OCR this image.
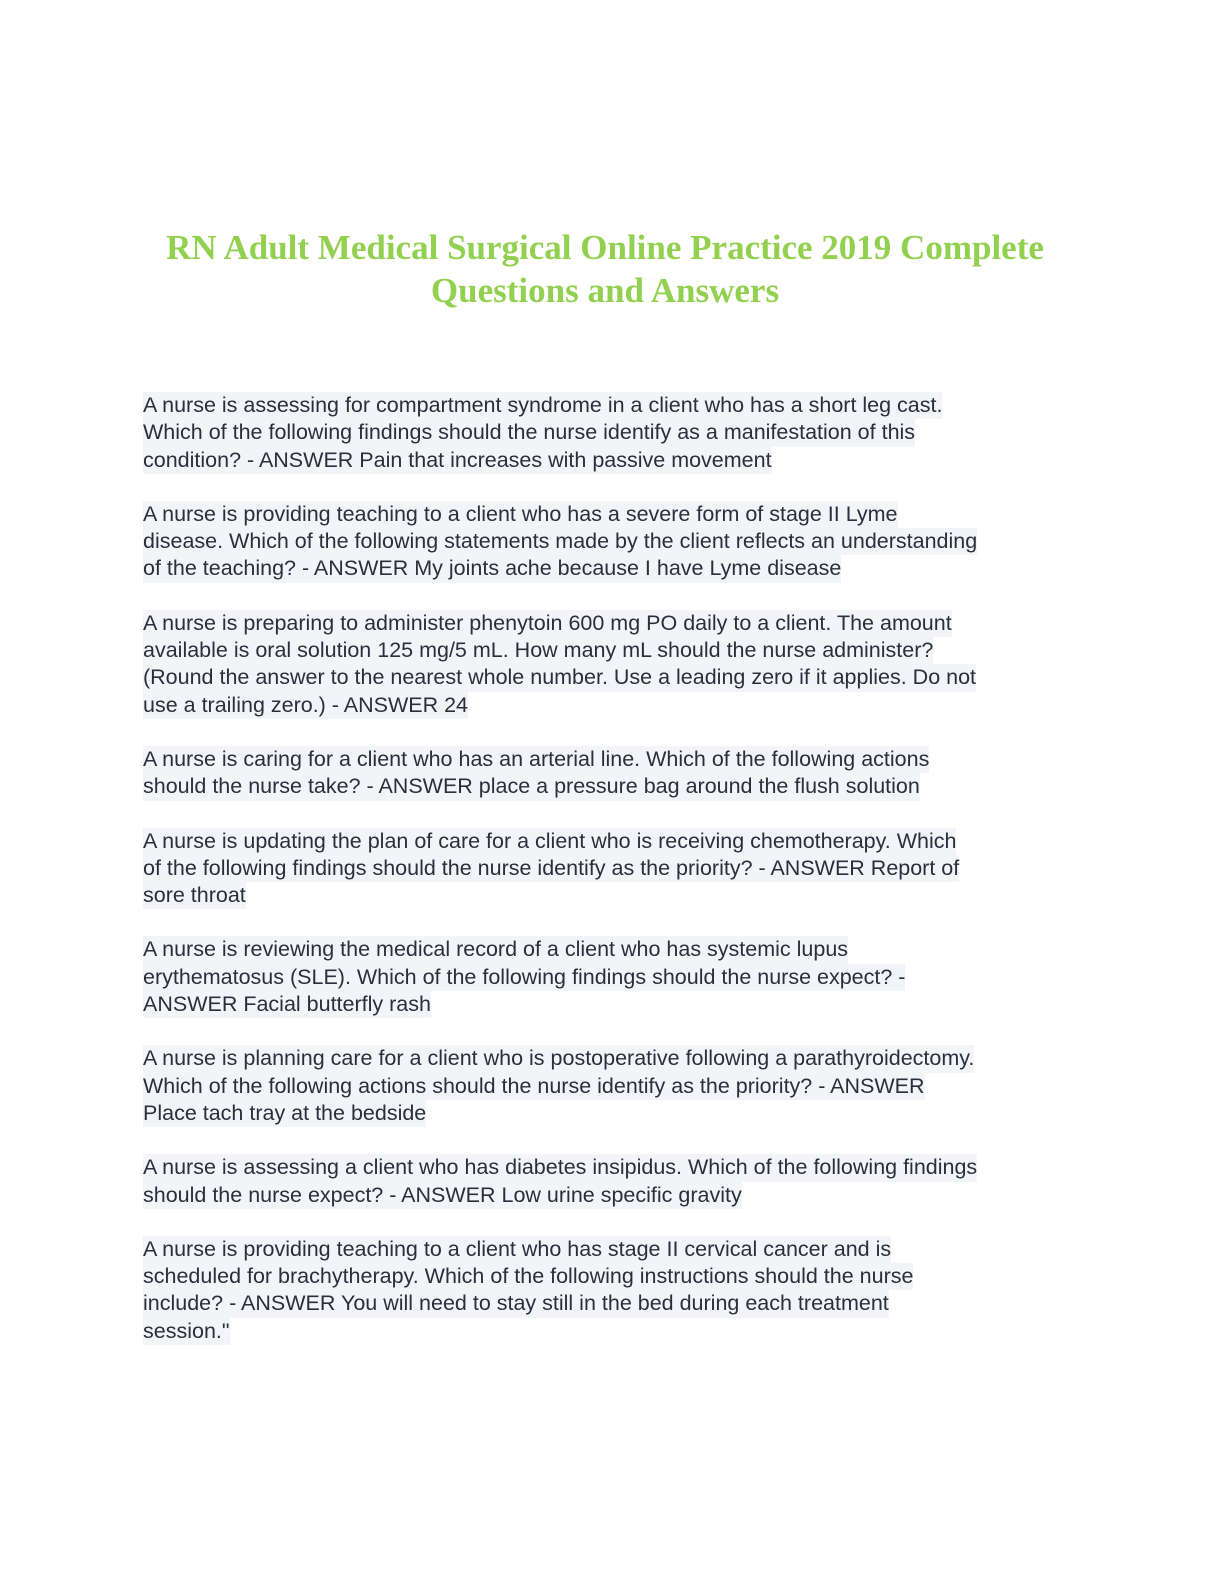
RN Adult Medical Surgical Online Practice 2019 Complete
Questions and Answers

A nurse is assessing for compartment syndrome in a client who has a short leg cast.
Which of the following findings should the nurse identify as a manifestation of this
condition? - ANSWER Pain that increases with passive movement

A nurse is providing teaching to a client who has a severe form of stage II Lyme
disease. Which of the following statements made by the client reflects an understanding
of the teaching? - ANSWER My joints ache because I have Lyme disease

A nurse is preparing to administer phenytoin 600 mg PO daily to a client. The amount
available is oral solution 125 mg/5 mL. How many mL should the nurse administer?
(Round the answer to the nearest whole number. Use a leading zero if it applies. Do not
use a trailing zero.) - ANSWER 24

A nurse is caring for a client who has an arterial line. Which of the following actions
should the nurse take? - ANSWER place a pressure bag around the flush solution

A nurse is updating the plan of care for a client who is receiving chemotherapy. Which
of the following findings should the nurse identify as the priority? - ANSWER Report of
sore throat

A nurse is reviewing the medical record of a client who has systemic lupus
erythematosus (SLE). Which of the following findings should the nurse expect? -
ANSWER Facial butterfly rash

A nurse is planning care for a client who is postoperative following a parathyroidectomy.
Which of the following actions should the nurse identify as the priority? - ANSWER
Place tach tray at the bedside

A nurse is assessing a client who has diabetes insipidus. Which of the following findings
should the nurse expect? - ANSWER Low urine specific gravity

A nurse is providing teaching to a client who has stage II cervical cancer and is
scheduled for brachytherapy. Which of the following instructions should the nurse
include? - ANSWER You will need to stay still in the bed during each treatment
session."
